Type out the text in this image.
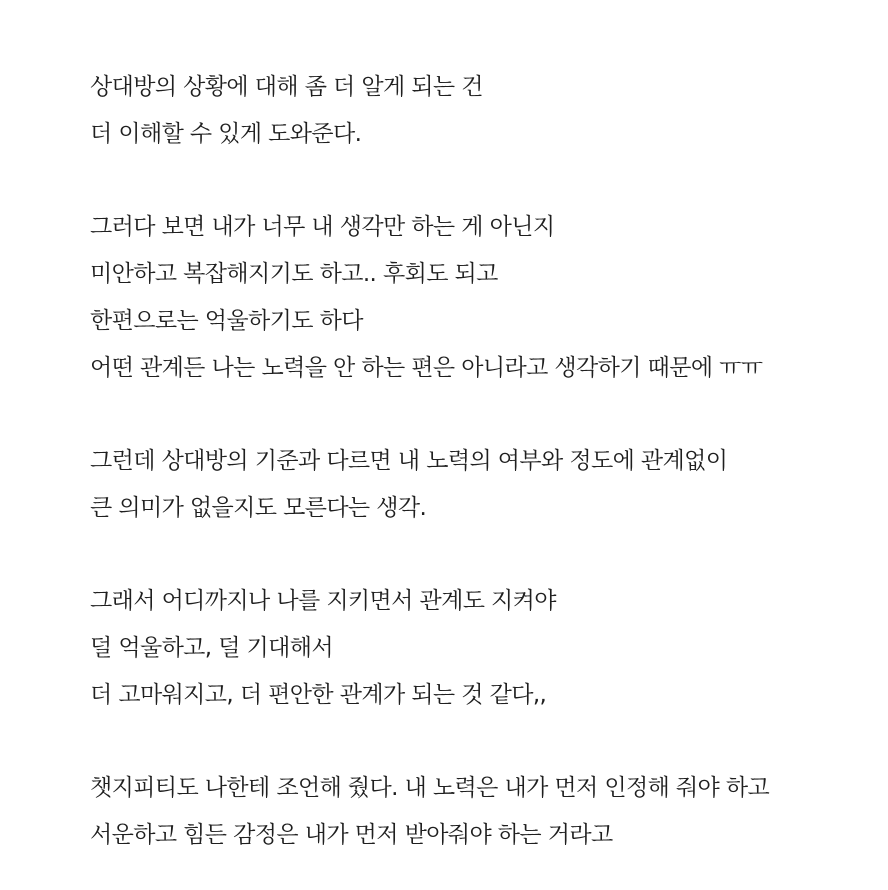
상대방의 상황에 대해 좀 더 알게 되는 건
더 이해할 수 있게 도와준다.
그러다 보면 내가 너무 내 생각만 하는 게 아닌지
미안하고 복잡해지기도 하고.. 후회도 되고
한편으로는 억울하기도 하다
어떤 관계든 나는 노력을 안 하는 편은 아니라고 생각하기 때문에 ㅠㅠ
그런데 상대방의 기준과 다르면 내 노력의 여부와 정도에 관계없이
큰 의미가 없을지도 모른다는 생각.
그래서 어디까지나 나를 지키면서 관계도 지켜야
덜 억울하고, 덜 기대해서
더 고마워지고, 더 편안한 관계가 되는 것 같다,,
챗지피티도 나한테 조언해 줬다. 내 노력은 내가 먼저 인정해 줘야 하고
서운하고 힘든 감정은 내가 먼저 받아줘야 하는 거라고
